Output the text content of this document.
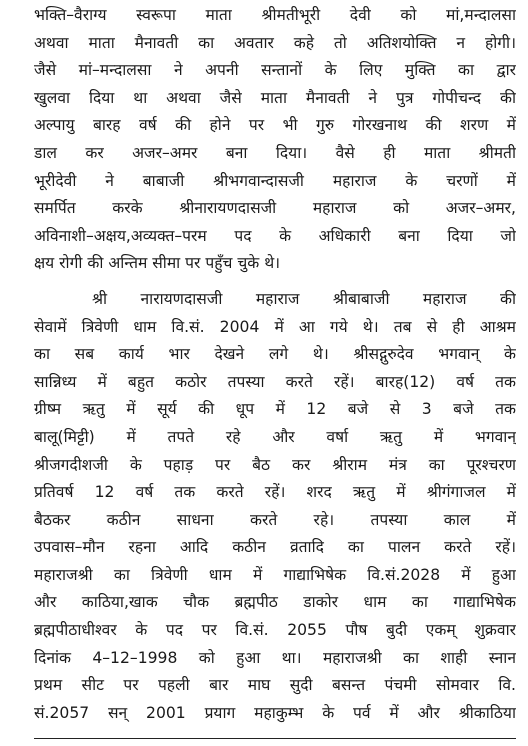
भक्ति–वैराग्य स्वरूपा माता श्रीमतीभूरी देवी को मां,मन्दालसा
अथवा माता मैनावती का अवतार कहे तो अतिशयोक्ति न होगी।
जैसे मां–मन्दालसा ने अपनी सन्तानों के लिए मुक्ति का द्वार
खुलवा दिया था अथवा जैसे माता मैनावती ने पुत्र गोपीचन्द की
अल्पायु बारह वर्ष की होने पर भी गुरु गोरखनाथ की शरण में
डाल कर अजर–अमर बना दिया। वैसे ही माता श्रीमती
भूरीदेवी ने बाबाजी श्रीभगवान्दासजी महाराज के चरणों में
समर्पित करके श्रीनारायणदासजी महाराज को अजर–अमर,
अविनाशी–अक्षय,अव्यक्त–परम पद के अधिकारी बना दिया जो
क्षय रोगी की अन्तिम सीमा पर पहुँच चुके थे।
श्री नारायणदासजी महाराज श्रीबाबाजी महाराज की
सेवामें त्रिवेणी धाम वि.सं. 2004 में आ गये थे। तब से ही आश्रम
का सब कार्य भार देखने लगे थे। श्रीसद्गुरुदेव भगवान् के
सान्निध्य में बहुत कठोर तपस्या करते रहें। बारह(12) वर्ष तक
ग्रीष्म ऋतु में सूर्य की धूप में 12 बजे से 3 बजे तक
बालू(मिट्टी) में तपते रहे और वर्षा ऋतु में भगवान्
श्रीजगदीशजी के पहाड़ पर बैठ कर श्रीराम मंत्र का पूरश्चरण
प्रतिवर्ष 12 वर्ष तक करते रहें। शरद ऋतु में श्रीगंगाजल में
बैठकर कठीन साधना करते रहे। तपस्या काल में
उपवास–मौन रहना आदि कठीन व्रतादि का पालन करते रहें।
महाराजश्री का त्रिवेणी धाम में गाद्याभिषेक वि.सं.2028 में हुआ
और काठिया,खाक चौक ब्रह्मपीठ डाकोर धाम का गाद्याभिषेक
ब्रह्मपीठाधीश्वर के पद पर वि.सं. 2055 पौष बुदी एकम् शुक्रवार
दिनांक 4–12–1998 को हुआ था। महाराजश्री का शाही स्नान
प्रथम सीट पर पहली बार माघ सुदी बसन्त पंचमी सोमवार वि.
सं.2057 सन् 2001 प्रयाग महाकुम्भ के पर्व में और श्रीकाठिया
